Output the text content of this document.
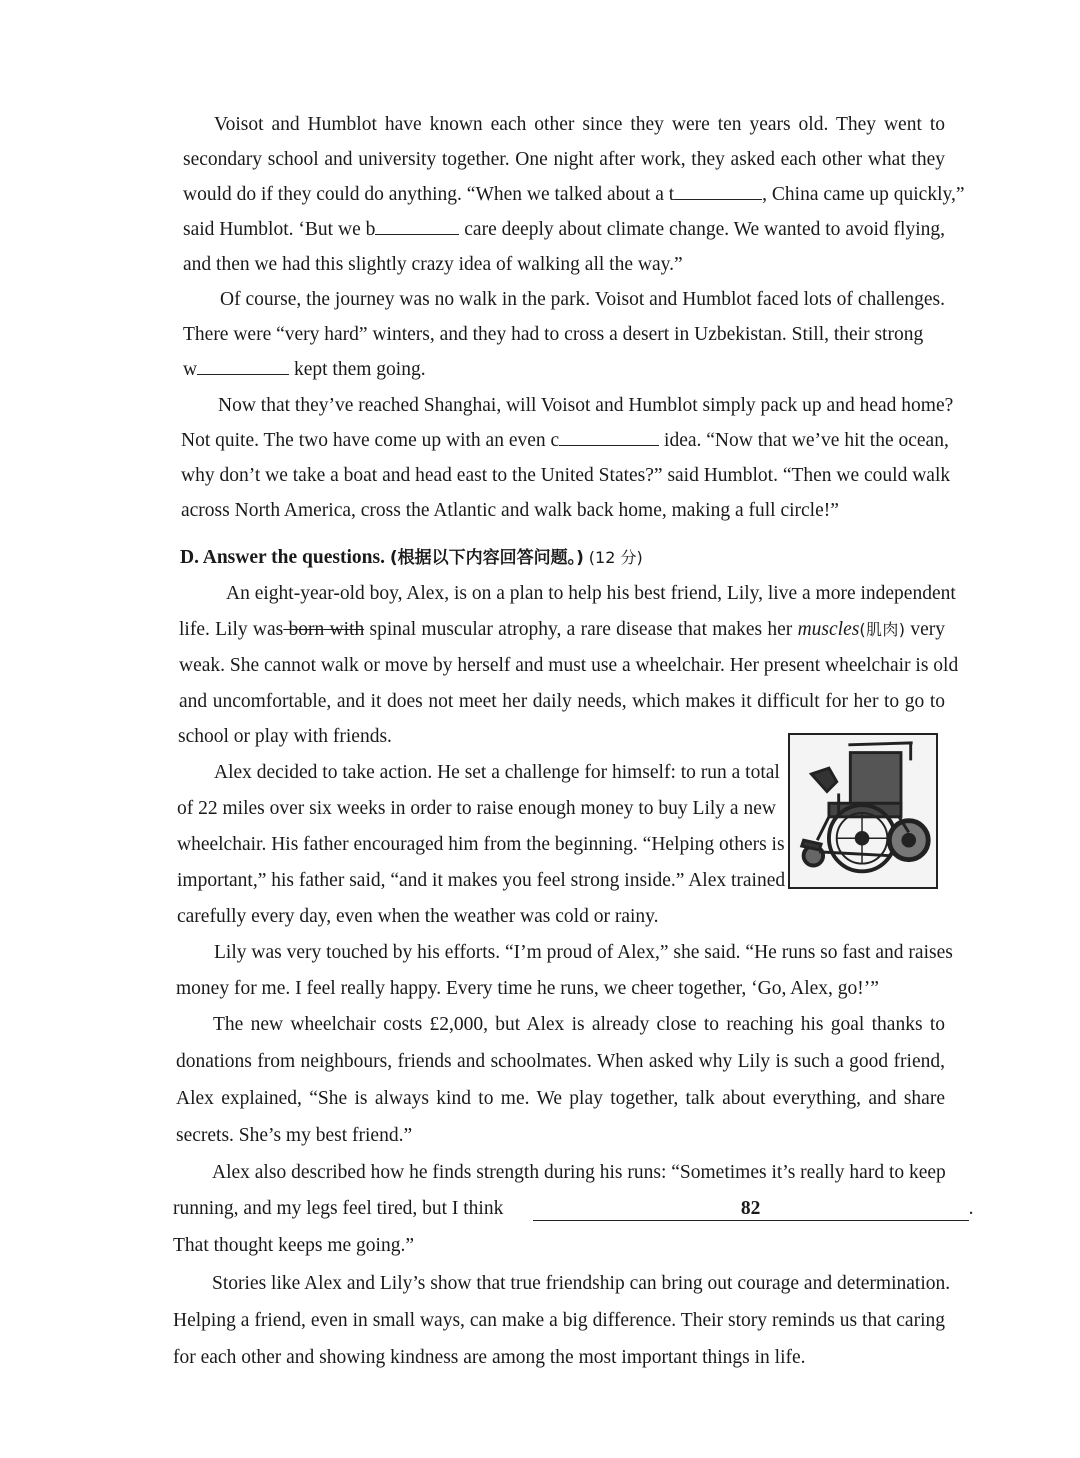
Voisot and Humblot have known each other since they were ten years old. They went to

secondary school and university together. One night after work, they asked each other what they

would do if they could do anything. “When we talked about a t	, China came up quickly,”

said Humblot. ‘But we b	care deeply about climate change. We wanted to avoid flying,

and then we had this slightly crazy idea of walking all the way.”

Of course, the journey was no walk in the park. Voisot and Humblot faced lots of challenges.

There were “very hard” winters, and they had to cross a desert in Uzbekistan. Still, their strong

w	kept them going.

Now that they’ve reached Shanghai, will Voisot and Humblot simply pack up and head home?

Not quite. The two have come up with an even c	idea. “Now that we’ve hit the ocean,

why don’t we take a boat and head east to the United States?” said Humblot. “Then we could walk

across North America, cross the Atlantic and walk back home, making a full circle!”

D. Answer the questions. (根据以下内容回答问题。) (12 分)

An eight-year-old boy, Alex, is on a plan to help his best friend, Lily, live a more independent

life. Lily was born with spinal muscular atrophy, a rare disease that makes her muscles(肌肉) very

weak. She cannot walk or move by herself and must use a wheelchair. Her present wheelchair is old

and uncomfortable, and it does not meet her daily needs, which makes it difficult for her to go to

school or play with friends.

Alex decided to take action. He set a challenge for himself: to run a total

of 22 miles over six weeks in order to raise enough money to buy Lily a new

wheelchair. His father encouraged him from the beginning. “Helping others is

important,” his father said, “and it makes you feel strong inside.” Alex trained

carefully every day, even when the weather was cold or rainy.

Lily was very touched by his efforts. “I’m proud of Alex,” she said. “He runs so fast and raises

money for me. I feel really happy. Every time he runs, we cheer together, ‘Go, Alex, go!’”

The new wheelchair costs £2,000, but Alex is already close to reaching his goal thanks to

donations from neighbours, friends and schoolmates. When asked why Lily is such a good friend,

Alex explained, “She is always kind to me. We play together, talk about everything, and share

secrets. She’s my best friend.”

Alex also described how he finds strength during his runs: “Sometimes it’s really hard to keep

running, and my legs feel tired, but I think	82	.

That thought keeps me going.”

Stories like Alex and Lily’s show that true friendship can bring out courage and determination.

Helping a friend, even in small ways, can make a big difference. Their story reminds us that caring

for each other and showing kindness are among the most important things in life.
